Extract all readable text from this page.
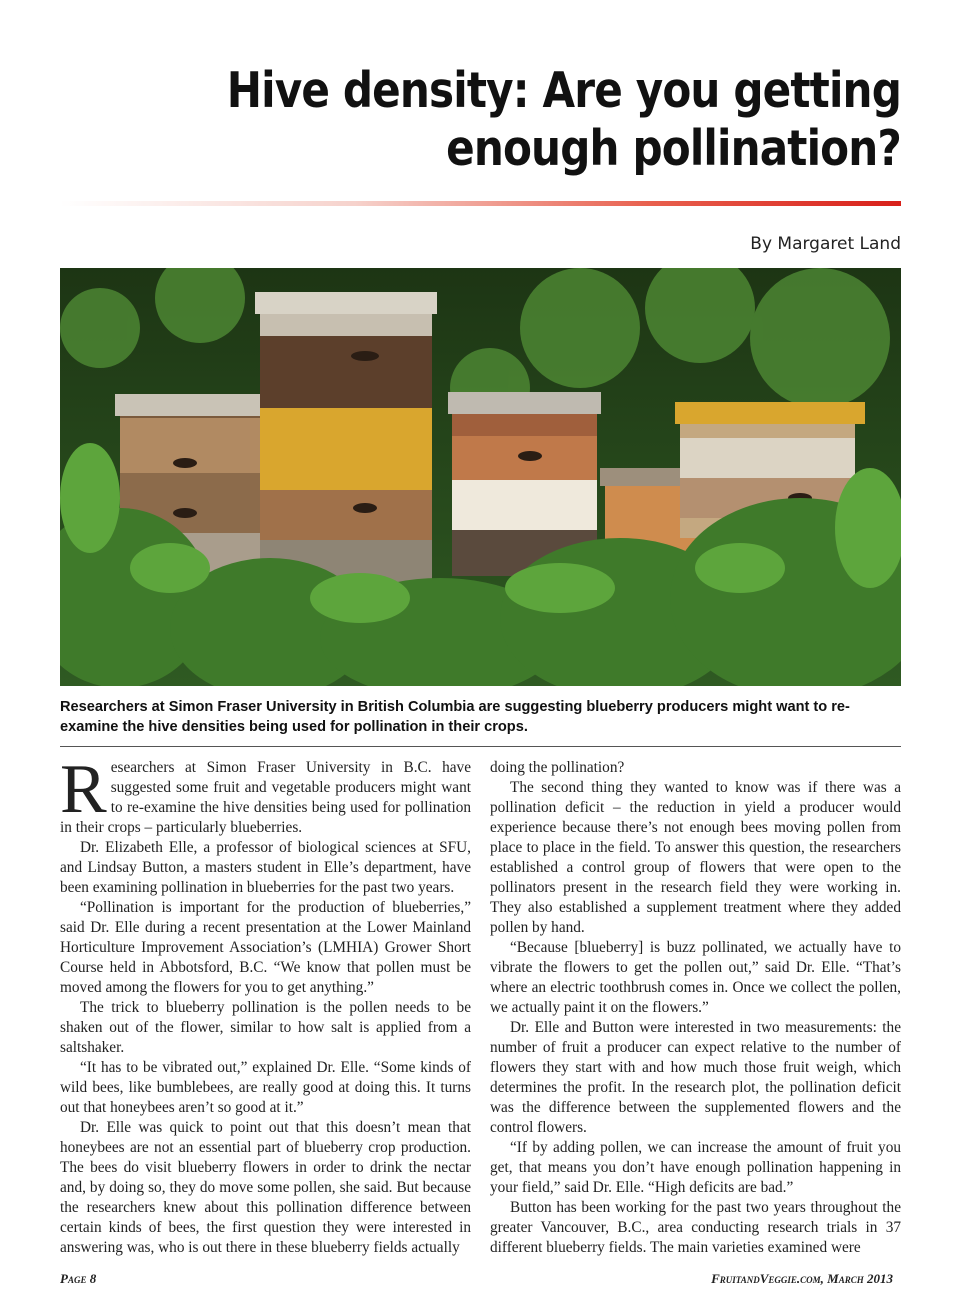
Hive density: Are you getting
enough pollination?
By Margaret Land
Researchers at Simon Fraser University in British Columbia are suggesting blueberry producers might want to re-examine the hive densities being used for pollination in their crops.
R esearchers at Simon Fraser University in B.C. have suggested some fruit and vegetable producers might want to re-examine the hive densities being used for pollination in their crops – particularly blueberries.

Dr. Elizabeth Elle, a professor of biological sciences at SFU, and Lindsay Button, a masters student in Elle’s department, have been examining pollination in blueberries for the past two years.

“Pollination is important for the production of blueberries,” said Dr. Elle during a recent presentation at the Lower Mainland Horticulture Improvement Association’s (LMHIA) Grower Short Course held in Abbotsford, B.C. “We know that pollen must be moved among the flowers for you to get anything.”

The trick to blueberry pollination is the pollen needs to be shaken out of the flower, similar to how salt is applied from a saltshaker.

“It has to be vibrated out,” explained Dr. Elle. “Some kinds of wild bees, like bumblebees, are really good at doing this. It turns out that honeybees aren’t so good at it.”

Dr. Elle was quick to point out that this doesn’t mean that honeybees are not an essential part of blueberry crop production. The bees do visit blueberry flowers in order to drink the nectar and, by doing so, they do move some pollen, she said. But because the researchers knew about this pollination difference between certain kinds of bees, the first question they were interested in answering was, who is out there in these blueberry fields actually

doing the pollination?

The second thing they wanted to know was if there was a pollination deficit – the reduction in yield a producer would experience because there’s not enough bees moving pollen from place to place in the field. To answer this question, the researchers established a control group of flowers that were open to the pollinators present in the research field they were working in. They also established a supplement treatment where they added pollen by hand.

“Because [blueberry] is buzz pollinated, we actually have to vibrate the flowers to get the pollen out,” said Dr. Elle. “That’s where an electric toothbrush comes in. Once we collect the pollen, we actually paint it on the flowers.”

Dr. Elle and Button were interested in two measurements: the number of fruit a producer can expect relative to the number of flowers they start with and how much those fruit weigh, which determines the profit. In the research plot, the pollination deficit was the difference between the supplemented flowers and the control flowers.

“If by adding pollen, we can increase the amount of fruit you get, that means you don’t have enough pollination happening in your field,” said Dr. Elle. “High deficits are bad.”

Button has been working for the past two years throughout the greater Vancouver, B.C., area conducting research trials in 37 different blueberry fields. The main varieties examined were

Page 8	FruitandVeggie.com, March 2013
